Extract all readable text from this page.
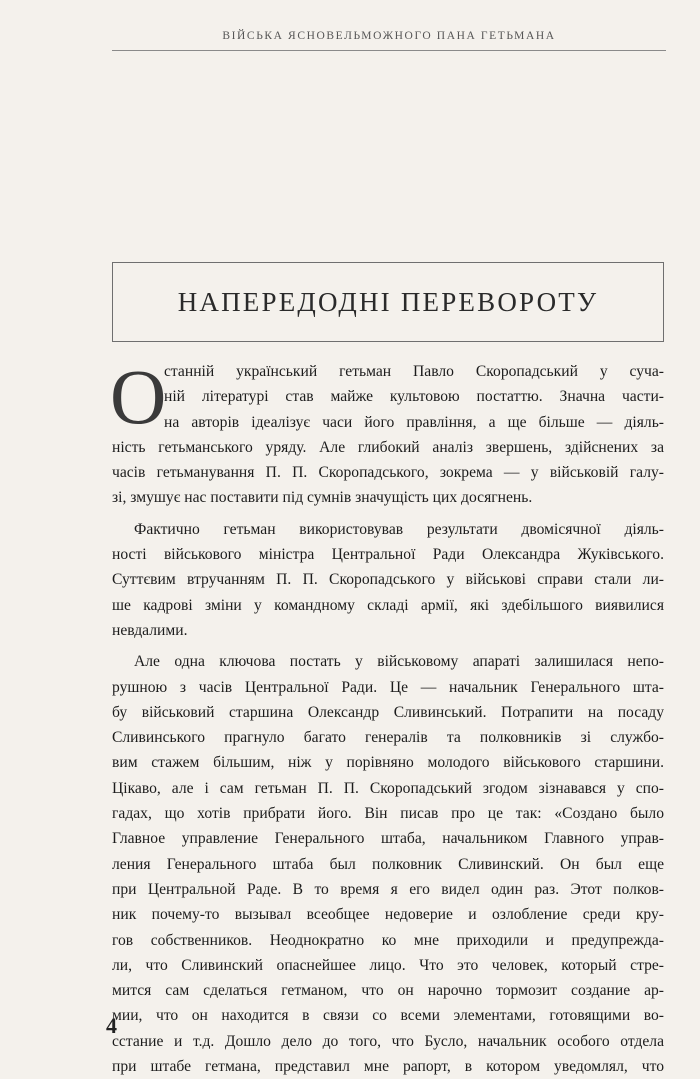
ВІЙСЬКА ЯСНОВЕЛЬМОЖНОГО ПАНА ГЕТЬМАНА
НАПЕРЕДОДНІ ПЕРЕВОРОТУ
О

станній український гетьман Павло Скоропадський у суча-
ній літературі став майже культовою постаттю. Значна части-
на авторів ідеалізує часи його правління, а ще більше — діяль-
ність гетьманського уряду. Але глибокий аналіз звершень, здійснених за
часів гетьманування П. П. Скоропадського, зокрема — у військовій галу-
зі, змушує нас поставити під сумнів значущість цих досягнень.

Фактично гетьман використовував результати двомісячної діяль-
ності військового міністра Центральної Ради Олександра Жуківського.
Суттєвим втручанням П. П. Скоропадського у військові справи стали ли-
ше кадрові зміни у командному складі армії, які здебільшого виявилися
невдалими.

Але одна ключова постать у військовому апараті залишилася непо-
рушною з часів Центральної Ради. Це — начальник Генерального шта-
бу військовий старшина Олександр Сливинський. Потрапити на посаду
Сливинського прагнуло багато генералів та полковників зі службо-
вим стажем більшим, ніж у порівняно молодого військового старшини.
Цікаво, але і сам гетьман П. П. Скоропадський згодом зізнавався у спо-
гадах, що хотів прибрати його. Він писав про це так: «Создано было
Главное управление Генерального штаба, начальником Главного управ-
ления Генерального штаба был полковник Сливинский. Он был еще
при Центральной Раде. В то время я его видел один раз. Этот полков-
ник почему-то вызывал всеобщее недоверие и озлобление среди кру-
гов собственников. Неоднократно ко мне приходили и предупрежда-
ли, что Сливинский опаснейшее лицо. Что это человек, который стре-
мится сам сделаться гетманом, что он нарочно тормозит создание ар-
мии, что он находится в связи со всеми элементами, готовящими во-
сстание и т.д. Дошло дело до того, что Бусло, начальник особого отдела
при штабе гетмана, представил мне рапорт, в котором уведомлял, что

4
